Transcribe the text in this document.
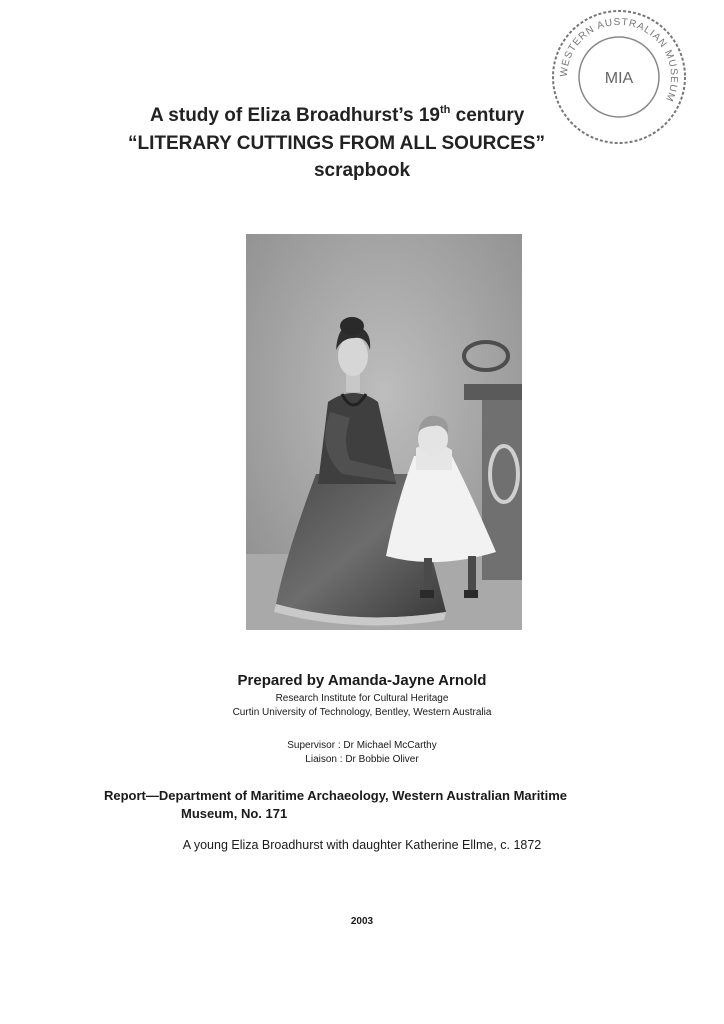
WESTERN AUSTRALIAN MUSEUM
MIA
A study of Eliza Broadhurst’s 19th century
“LITERARY CUTTINGS FROM ALL SOURCES”
scrapbook
Prepared by Amanda-Jayne Arnold
Research Institute for Cultural Heritage
Curtin University of Technology, Bentley, Western Australia
Supervisor : Dr Michael McCarthy
Liaison : Dr Bobbie Oliver
Report—Department of Maritime Archaeology, Western Australian Maritime
Museum, No. 171
A young Eliza Broadhurst with daughter Katherine Ellme, c. 1872
2003
